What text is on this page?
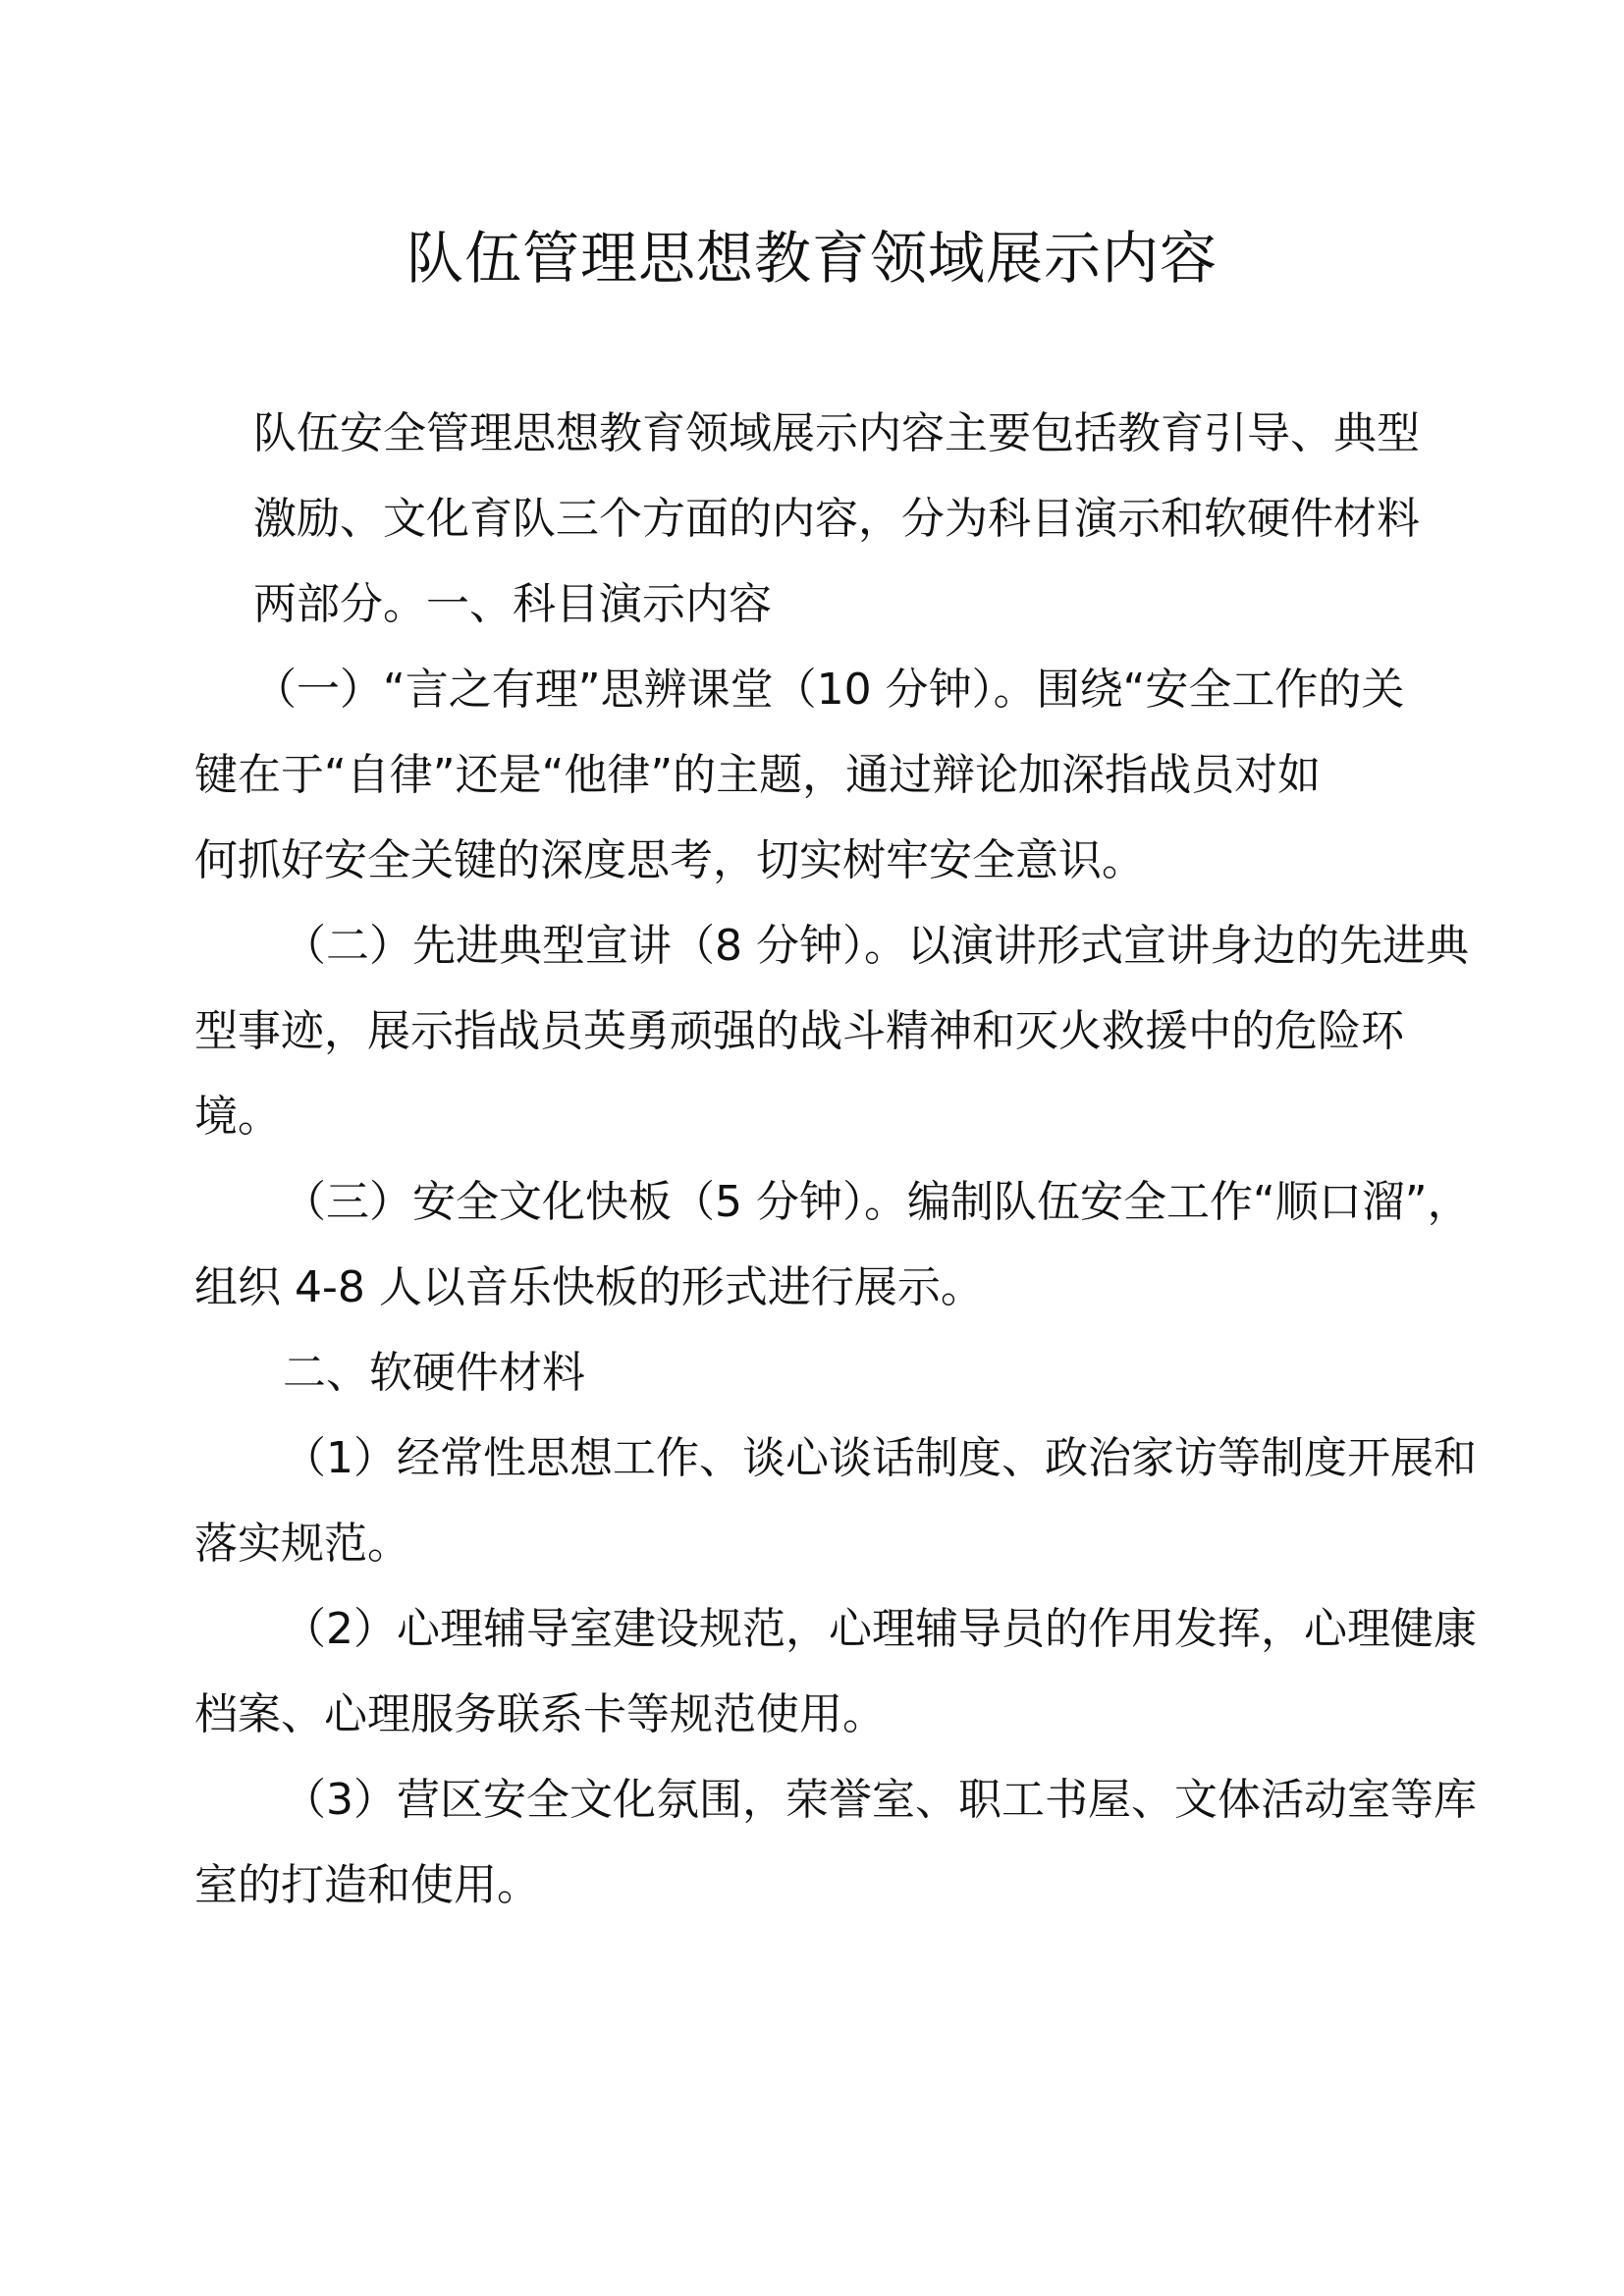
队伍管理思想教育领域展示内容
队伍安全管理思想教育领域展示内容主要包括教育引导、典型
激励、文化育队三个方面的内容，分为科目演示和软硬件材料
两部分。一、科目演示内容
（一）“言之有理”思辨课堂（10 分钟）。围绕“安全工作的关
键在于“自律”还是“他律”的主题，通过辩论加深指战员对如
何抓好安全关键的深度思考，切实树牢安全意识。
（二）先进典型宣讲（8 分钟）。以演讲形式宣讲身边的先进典
型事迹，展示指战员英勇顽强的战斗精神和灭火救援中的危险环
境。
（三）安全文化快板（5 分钟）。编制队伍安全工作“顺口溜”，
组织 4-8 人以音乐快板的形式进行展示。
二、软硬件材料
（1）经常性思想工作、谈心谈话制度、政治家访等制度开展和
落实规范。
（2）心理辅导室建设规范，心理辅导员的作用发挥，心理健康
档案、心理服务联系卡等规范使用。
（3）营区安全文化氛围，荣誉室、职工书屋、文体活动室等库
室的打造和使用。
